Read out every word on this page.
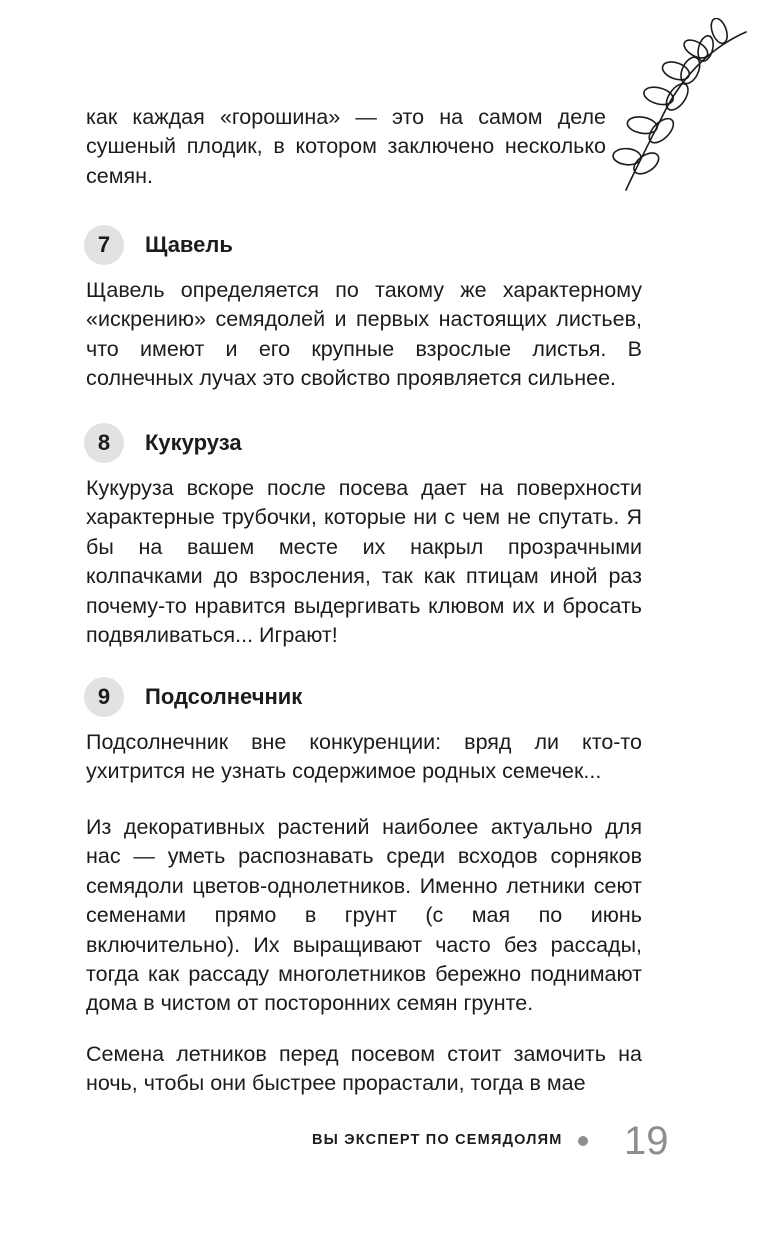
как каждая «горошина» — это на самом деле сушеный плодик, в котором заключено несколько семян.

7	Щавель

Щавель определяется по такому же характерному «искрению» семядолей и первых настоящих листьев, что имеют и его крупные взрослые листья. В солнечных лучах это свойство проявляется сильнее.

8	Кукуруза

Кукуруза вскоре после посева дает на поверхности характерные трубочки, которые ни с чем не спутать. Я бы на вашем месте их накрыл прозрачными колпачками до взросления, так как птицам иной раз почему-то нравится выдергивать клювом их и бросать подвяливаться... Играют!

9	Подсолнечник

Подсолнечник вне конкуренции: вряд ли кто-то ухитрится не узнать содержимое родных семечек...

Из декоративных растений наиболее актуально для нас — уметь распознавать среди всходов сорняков семядоли цветов-однолетников. Именно летники сеют семенами прямо в грунт (с мая по июнь включительно). Их выращивают часто без рассады, тогда как рассаду многолетников бережно поднимают дома в чистом от посторонних семян грунте.

Семена летников перед посевом стоит замочить на ночь, чтобы они быстрее прорастали, тогда в мае

ВЫ ЭКСПЕРТ ПО СЕМЯДОЛЯМ 19
